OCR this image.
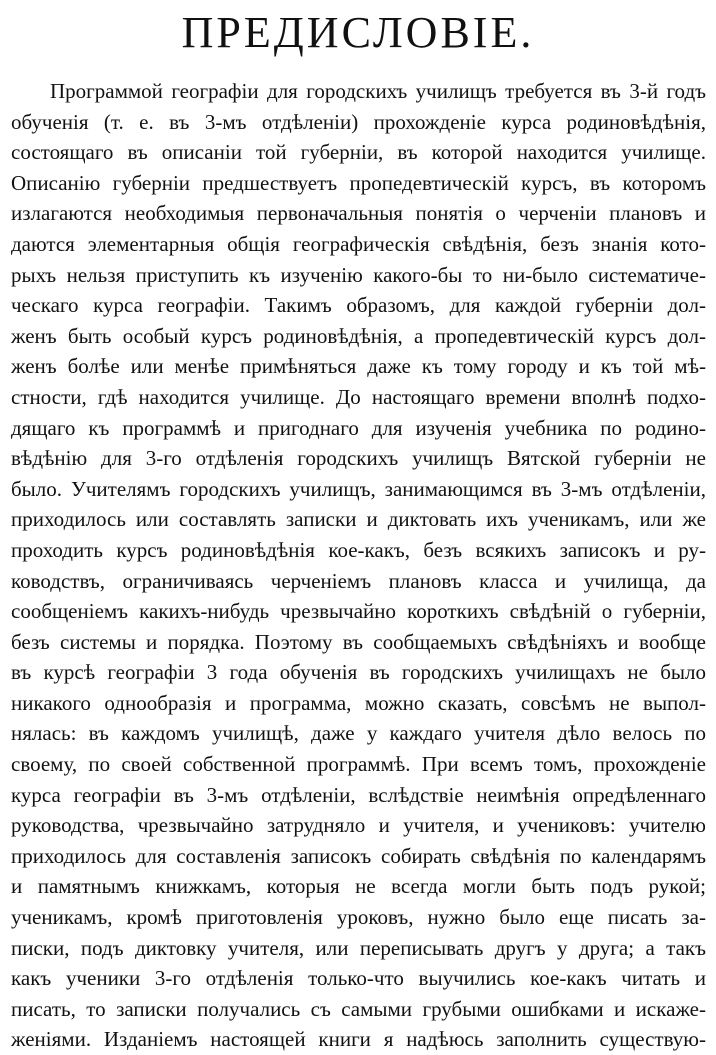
ПРЕДИСЛОВІЕ.
Программой географіи для городскихъ училищъ требуется въ 3-й годъ
обученія (т. е. въ 3-мъ отдѣленіи) прохожденіе курса родиновѣдѣнія,
состоящаго въ описаніи той губерніи, въ которой находится училище.
Описанію губерніи предшествуетъ пропедевтическій курсъ, въ которомъ
излагаются необходимыя первоначальныя понятія о черченіи плановъ и
даются элементарныя общія географическія свѣдѣнія, безъ знанія кото-
рыхъ нельзя приступить къ изученію какого-бы то ни-было систематиче-
ческаго курса географіи. Такимъ образомъ, для каждой губерніи дол-
женъ быть особый курсъ родиновѣдѣнія, а пропедевтическій курсъ дол-
женъ болѣе или менѣе примѣняться даже къ тому городу и къ той мѣ-
стности, гдѣ находится училище. До настоящаго времени вполнѣ подхо-
дящаго къ программѣ и пригоднаго для изученія учебника по родино-
вѣдѣнію для 3-го отдѣленія городскихъ училищъ Вятской губерніи не
было. Учителямъ городскихъ училищъ, занимающимся въ 3-мъ отдѣленіи,
приходилось или составлять записки и диктовать ихъ ученикамъ, или же
проходить курсъ родиновѣдѣнія кое-какъ, безъ всякихъ записокъ и ру-
ководствъ, ограничиваясь черченіемъ плановъ класса и училища, да
сообщеніемъ какихъ-нибудь чрезвычайно короткихъ свѣдѣній о губерніи,
безъ системы и порядка. Поэтому въ сообщаемыхъ свѣдѣніяхъ и вообще
въ курсѣ географіи 3 года обученія въ городскихъ училищахъ не было
никакого однообразія и программа, можно сказать, совсѣмъ не выпол-
нялась: въ каждомъ училищѣ, даже у каждаго учителя дѣло велось по
своему, по своей собственной программѣ. При всемъ томъ, прохожденіе
курса географіи въ 3-мъ отдѣленіи, вслѣдствіе неимѣнія опредѣленнаго
руководства, чрезвычайно затрудняло и учителя, и учениковъ: учителю
приходилось для составленія записокъ собирать свѣдѣнія по календарямъ
и памятнымъ книжкамъ, которыя не всегда могли быть подъ рукой;
ученикамъ, кромѣ приготовленія уроковъ, нужно было еще писать за-
писки, подъ диктовку учителя, или переписывать другъ у друга; а такъ
какъ ученики 3-го отдѣленія только-что выучились кое-какъ читать и
писать, то записки получались съ самыми грубыми ошибками и искаже-
женіями. Изданіемъ настоящей книги я надѣюсь заполнить существую-
